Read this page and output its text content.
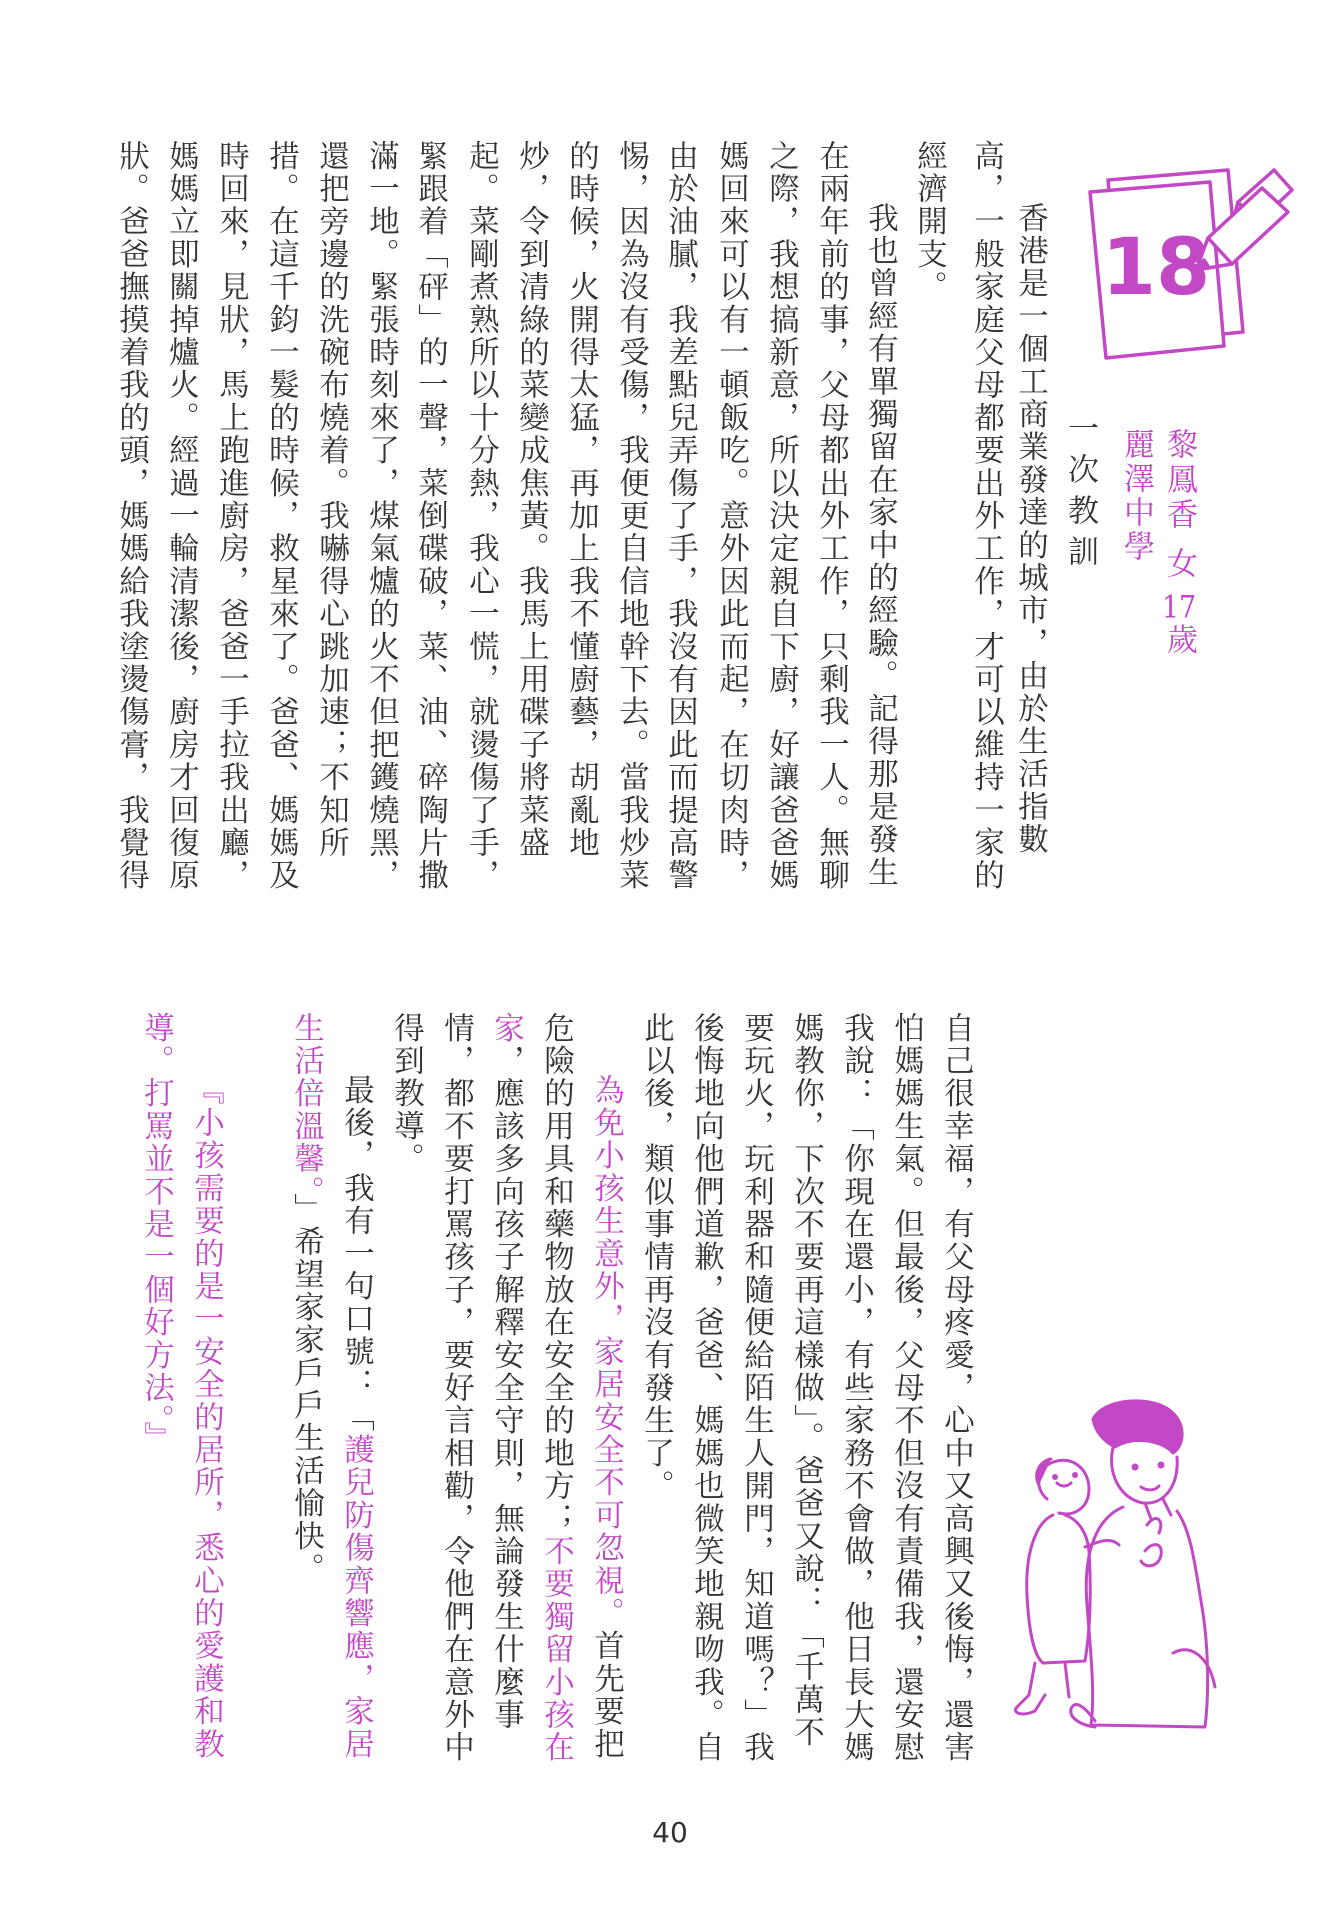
18
黎鳳香女17歲
麗澤中學
一次教訓
香港是一個工商業發達的城市，由於生活指數
高，一般家庭父母都要出外工作，才可以維持一家的
經濟開支。
我也曾經有單獨留在家中的經驗。記得那是發生
在兩年前的事，父母都出外工作，只剩我一人。無聊
之際，我想搞新意，所以決定親自下廚，好讓爸爸媽
媽回來可以有一頓飯吃。意外因此而起，在切肉時，
由於油膩，我差點兒弄傷了手，我沒有因此而提高警
惕，因為沒有受傷，我便更自信地幹下去。當我炒菜
的時候，火開得太猛，再加上我不懂廚藝，胡亂地
炒，令到清綠的菜變成焦黃。我馬上用碟子將菜盛
起。菜剛煮熟所以十分熱，我心一慌，就燙傷了手，
緊跟着「砰」的一聲，菜倒碟破，菜、油、碎陶片撒
滿一地。緊張時刻來了，煤氣爐的火不但把鑊燒黑，
還把旁邊的洗碗布燒着。我嚇得心跳加速；不知所
措。在這千鈞一髮的時候，救星來了。爸爸、媽媽及
時回來，見狀，馬上跑進廚房，爸爸一手拉我出廳，
媽媽立即關掉爐火。經過一輪清潔後，廚房才回復原
狀。爸爸撫摸着我的頭，媽媽給我塗燙傷膏，我覺得
自己很幸福，有父母疼愛，心中又高興又後悔，還害
怕媽媽生氣。但最後，父母不但沒有責備我，還安慰
我說：「你現在還小，有些家務不會做，他日長大媽
媽教你，下次不要再這樣做」。爸爸又說：「千萬不
要玩火，玩利器和隨便給陌生人開門，知道嗎？」我
後悔地向他們道歉，爸爸、媽媽也微笑地親吻我。自
此以後，類似事情再沒有發生了。
為免小孩生意外，家居安全不可忽視。首先要把
危險的用具和藥物放在安全的地方；不要獨留小孩在
家，應該多向孩子解釋安全守則，無論發生什麼事
情，都不要打罵孩子，要好言相勸，令他們在意外中
得到教導。
最後，我有一句口號：「護兒防傷齊響應，家居
生活倍溫馨。」希望家家戶戶生活愉快。
『小孩需要的是一安全的居所，悉心的愛護和教
導。打罵並不是一個好方法。』
40
